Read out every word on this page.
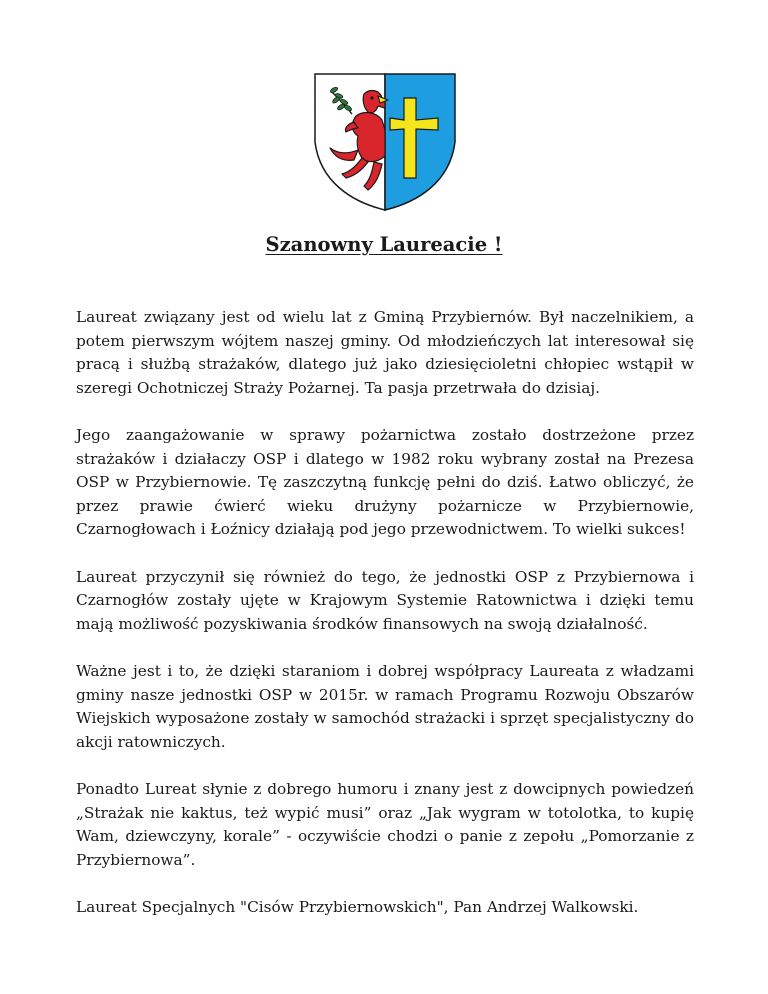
Szanowny Laureacie !

Laureat związany jest od wielu lat z Gminą Przybiernów. Był naczelnikiem, a potem pierwszym wójtem naszej gminy. Od młodzieńczych lat interesował się pracą i służbą strażaków, dlatego już jako dziesięcioletni chłopiec wstąpił w szeregi Ochotniczej Straży Pożarnej. Ta pasja przetrwała do dzisiaj.

Jego zaangażowanie w sprawy pożarnictwa zostało dostrzeżone przez strażaków i działaczy OSP i dlatego w 1982 roku wybrany został na Prezesa OSP w Przybiernowie. Tę zaszczytną funkcję pełni do dziś. Łatwo obliczyć, że przez prawie ćwierć wieku drużyny pożarnicze w Przybiernowie, Czarnogłowach i Łoźnicy działają pod jego przewodnictwem. To wielki sukces!

Laureat przyczynił się również do tego, że jednostki OSP z Przybiernowa i Czarnogłów zostały ujęte w Krajowym Systemie Ratownictwa i dzięki temu mają możliwość pozyskiwania środków finansowych na swoją działalność.

Ważne jest i to, że dzięki staraniom i dobrej współpracy Laureata z władzami gminy nasze jednostki OSP w 2015r. w ramach Programu Rozwoju Obszarów Wiejskich wyposażone zostały w samochód strażacki i sprzęt specjalistyczny do akcji ratowniczych.

Ponadto Lureat słynie z dobrego humoru i znany jest z dowcipnych powiedzeń „Strażak nie kaktus, też wypić musi” oraz „Jak wygram w totolotka, to kupię Wam, dziewczyny, korale” - oczywiście chodzi o panie z zepołu „Pomorzanie z Przybiernowa”.

Laureat Specjalnych "Cisów Przybiernowskich", Pan Andrzej Walkowski.
